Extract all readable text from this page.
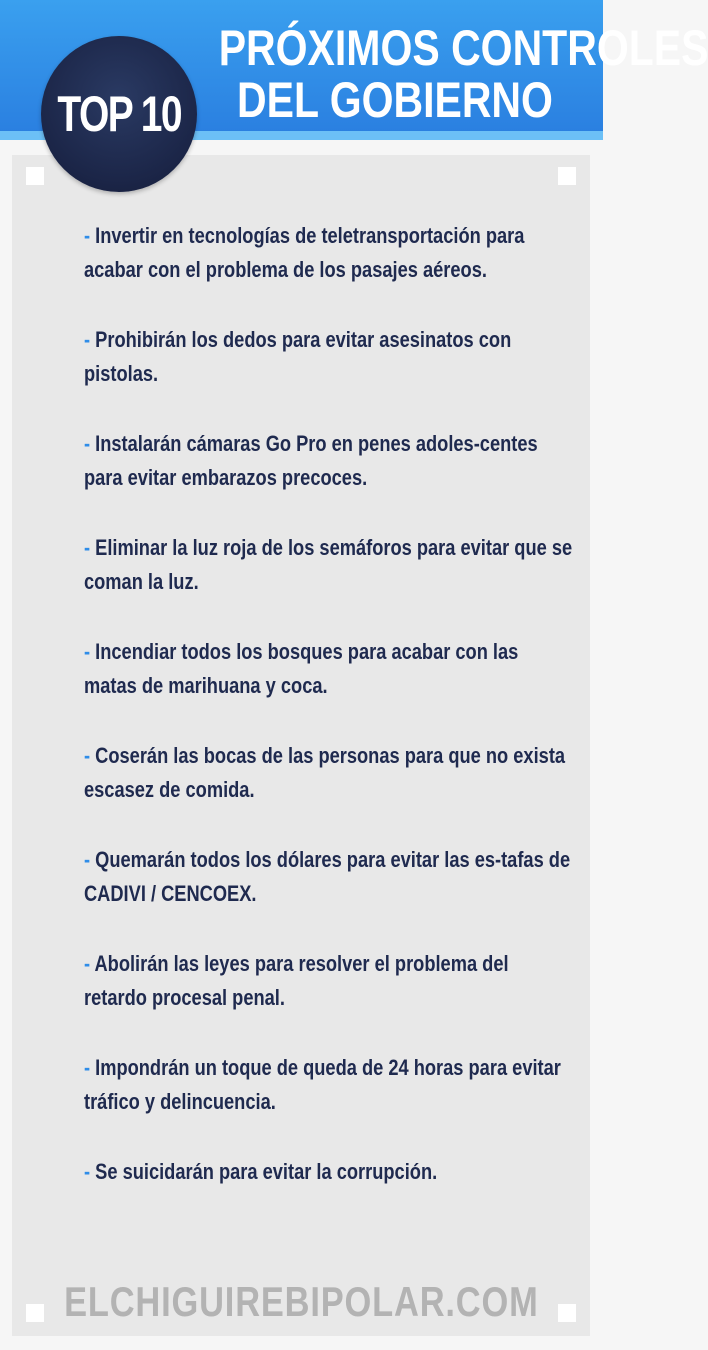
TOP 10
PRÓXIMOS CONTROLES
DEL GOBIERNO
- Invertir en tecnologías de teletransportación para acabar con el problema de los pasajes aéreos.
- Prohibirán los dedos para evitar asesinatos con pistolas.
- Instalarán cámaras Go Pro en penes adoles-centes para evitar embarazos precoces.
- Eliminar la luz roja de los semáforos para evitar que se coman la luz.
- Incendiar todos los bosques para acabar con las matas de marihuana y coca.
- Coserán las bocas de las personas para que no exista escasez de comida.
- Quemarán todos los dólares para evitar las es-tafas de CADIVI / CENCOEX.
- Abolirán las leyes para resolver el problema del retardo procesal penal.
- Impondrán un toque de queda de 24 horas para evitar tráfico y delincuencia.
- Se suicidarán para evitar la corrupción.
ELCHIGUIREBIPOLAR.COM
